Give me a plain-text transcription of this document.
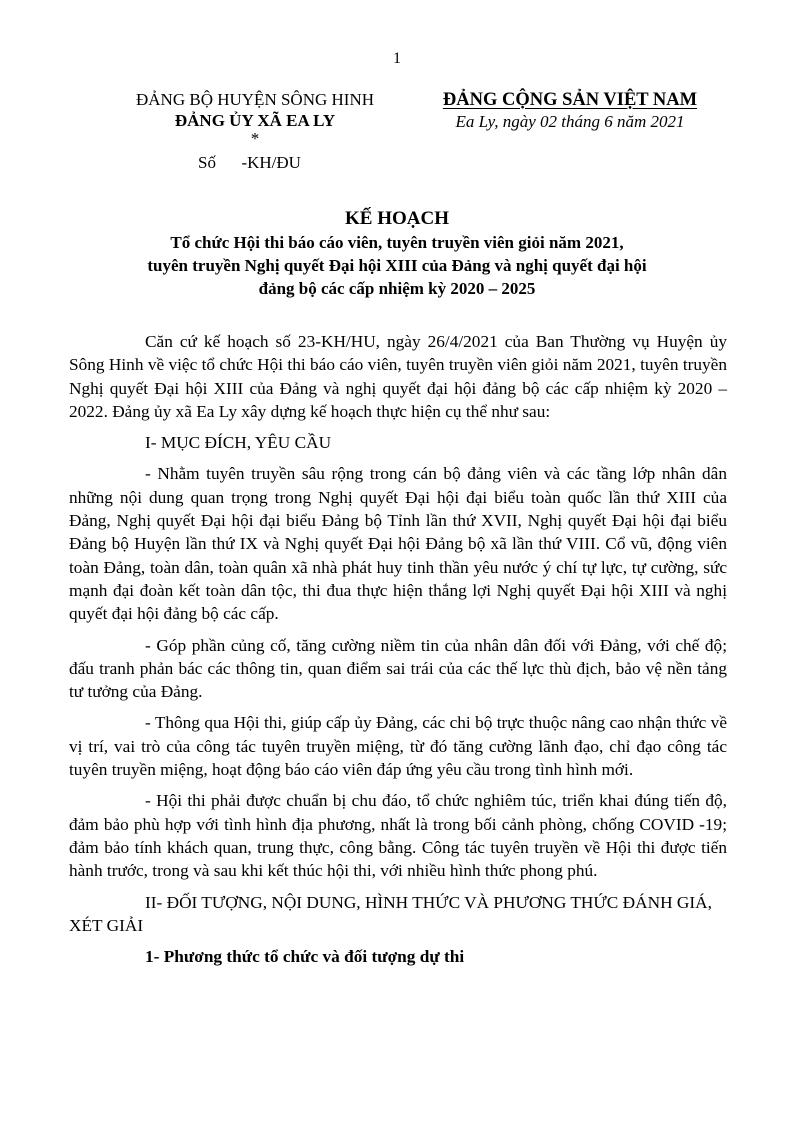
1
ĐẢNG BỘ HUYỆN SÔNG HINH
ĐẢNG ỦY XÃ EA LY
*
Số      -KH/ĐU
ĐẢNG CỘNG SẢN VIỆT NAM
Ea Ly, ngày 02 tháng 6 năm 2021
KẾ HOẠCH
Tổ chức Hội thi báo cáo viên, tuyên truyền viên giỏi năm 2021,
tuyên truyền Nghị quyết Đại hội XIII của Đảng và nghị quyết đại hội
đảng bộ các cấp nhiệm kỳ 2020 – 2025

Căn cứ kế hoạch số 23-KH/HU, ngày 26/4/2021 của Ban Thường vụ Huyện ủy Sông Hinh về việc tổ chức Hội thi báo cáo viên, tuyên truyền viên giỏi năm 2021, tuyên truyền Nghị quyết Đại hội XIII của Đảng và nghị quyết đại hội đảng bộ các cấp nhiệm kỳ 2020 – 2022. Đảng ủy xã Ea Ly xây dựng kế hoạch thực hiện cụ thể như sau:

I- MỤC ĐÍCH, YÊU CẦU

- Nhằm tuyên truyền sâu rộng trong cán bộ đảng viên và các tầng lớp nhân dân những nội dung quan trọng trong Nghị quyết Đại hội đại biểu toàn quốc lần thứ XIII của Đảng, Nghị quyết Đại hội đại biểu Đảng bộ Tỉnh lần thứ XVII, Nghị quyết Đại hội đại biểu Đảng bộ Huyện lần thứ IX và Nghị quyết Đại hội Đảng bộ xã lần thứ VIII. Cổ vũ, động viên toàn Đảng, toàn dân, toàn quân xã nhà phát huy tinh thần yêu nước ý chí tự lực, tự cường, sức mạnh đại đoàn kết toàn dân tộc, thi đua thực hiện thắng lợi Nghị quyết Đại hội XIII và nghị quyết đại hội đảng bộ các cấp.

- Góp phần củng cố, tăng cường niềm tin của nhân dân đối với Đảng, với chế độ; đấu tranh phản bác các thông tin, quan điểm sai trái của các thế lực thù địch, bảo vệ nền tảng tư tưởng của Đảng.

- Thông qua Hội thi, giúp cấp ủy Đảng, các chi bộ trực thuộc nâng cao nhận thức về vị trí, vai trò của công tác tuyên truyền miệng, từ đó tăng cường lãnh đạo, chỉ đạo công tác tuyên truyền miệng, hoạt động báo cáo viên đáp ứng yêu cầu trong tình hình mới.

- Hội thi phải được chuẩn bị chu đáo, tổ chức nghiêm túc, triển khai đúng tiến độ, đảm bảo phù hợp với tình hình địa phương, nhất là trong bối cảnh phòng, chống COVID -19; đảm bảo tính khách quan, trung thực, công bằng. Công tác tuyên truyền về Hội thi được tiến hành trước, trong và sau khi kết thúc hội thi, với nhiều hình thức phong phú.

II- ĐỐI TƯỢNG, NỘI DUNG, HÌNH THỨC VÀ PHƯƠNG THỨC ĐÁNH GIÁ, XÉT GIẢI

1- Phương thức tổ chức và đối tượng dự thi
